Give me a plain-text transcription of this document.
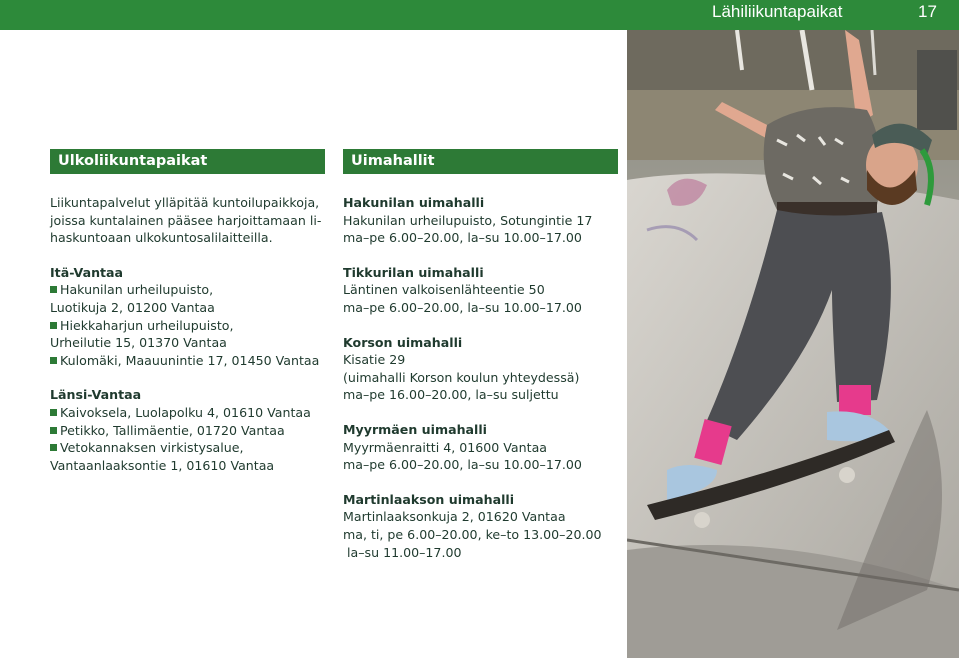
Lähiliikuntapaikat	17
Ulkoliikuntapaikat
Liikuntapalvelut ylläpitää kuntoilupaikkoja,
joissa kuntalainen pääsee harjoittamaan li-
haskuntoaan ulkokuntosalilaitteilla.
Itä-Vantaa
Hakunilan urheilupuisto,
Luotikuja 2, 01200 Vantaa
Hiekkaharjun urheilupuisto,
Urheilutie 15, 01370 Vantaa
Kulomäki, Maauunintie 17, 01450 Vantaa
Länsi-Vantaa
Kaivoksela, Luolapolku 4, 01610 Vantaa
Petikko, Tallimäentie, 01720 Vantaa
Vetokannaksen virkistysalue,
Vantaanlaaksontie 1, 01610 Vantaa
Uimahallit
Hakunilan uimahalli
Hakunilan urheilupuisto, Sotungintie 17
ma–pe 6.00–20.00, la–su 10.00–17.00
Tikkurilan uimahalli
Läntinen valkoisenlähteentie 50
ma–pe 6.00–20.00, la–su 10.00–17.00
Korson uimahalli
Kisatie 29
(uimahalli Korson koulun yhteydessä)
ma–pe 16.00–20.00, la–su suljettu
Myyrmäen uimahalli
Myyrmäenraitti 4, 01600 Vantaa
ma–pe 6.00–20.00, la–su 10.00–17.00
Martinlaakson uimahalli
Martinlaaksonkuja 2, 01620 Vantaa
ma, ti, pe 6.00–20.00, ke–to 13.00–20.00
la–su 11.00–17.00
